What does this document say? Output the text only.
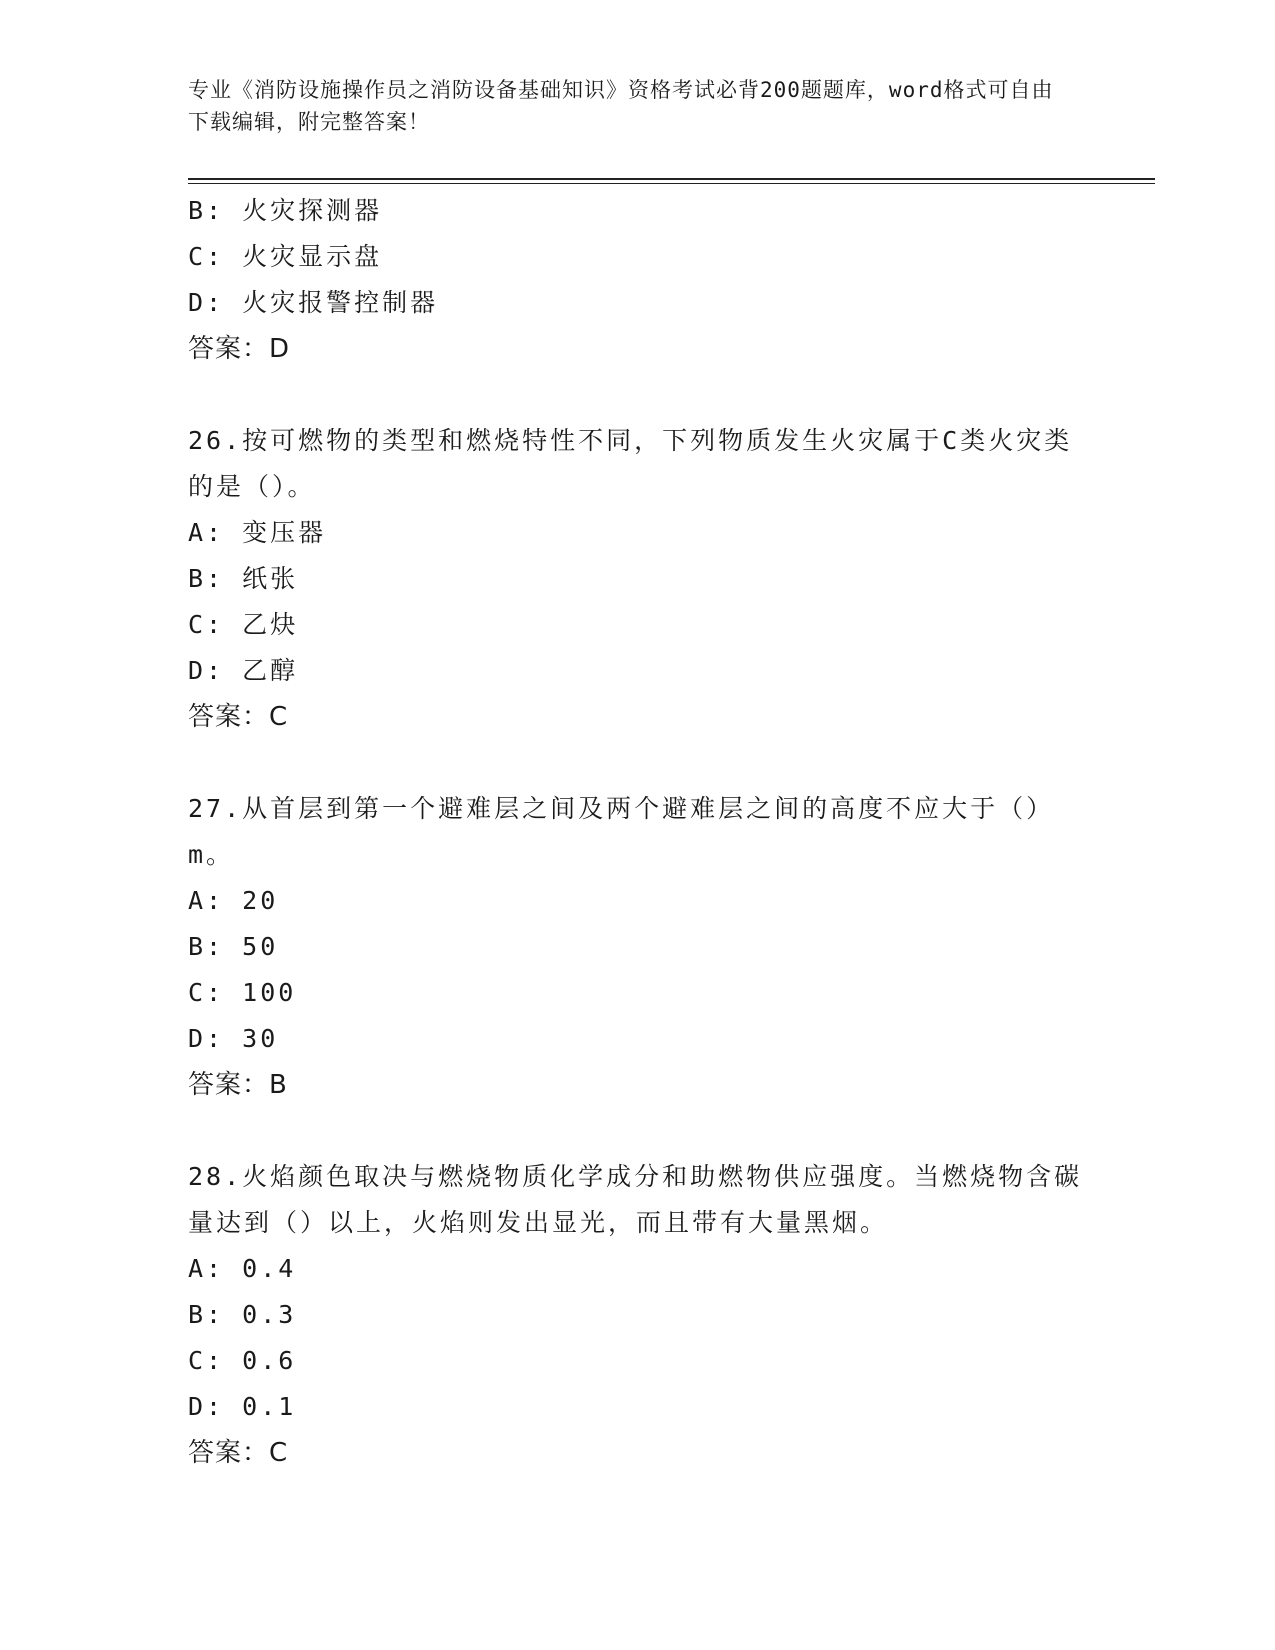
专业《消防设施操作员之消防设备基础知识》资格考试必背200题题库，word格式可自由下载编辑，附完整答案！
B: 火灾探测器
C: 火灾显示盘
D: 火灾报警控制器
答案：D
26.按可燃物的类型和燃烧特性不同，下列物质发生火灾属于C类火灾类的是（）。
A: 变压器
B: 纸张
C: 乙炔
D: 乙醇
答案：C
27.从首层到第一个避难层之间及两个避难层之间的高度不应大于（）m。
A: 20
B: 50
C: 100
D: 30
答案：B
28.火焰颜色取决与燃烧物质化学成分和助燃物供应强度。当燃烧物含碳量达到（）以上，火焰则发出显光，而且带有大量黑烟。
A: 0.4
B: 0.3
C: 0.6
D: 0.1
答案：C
